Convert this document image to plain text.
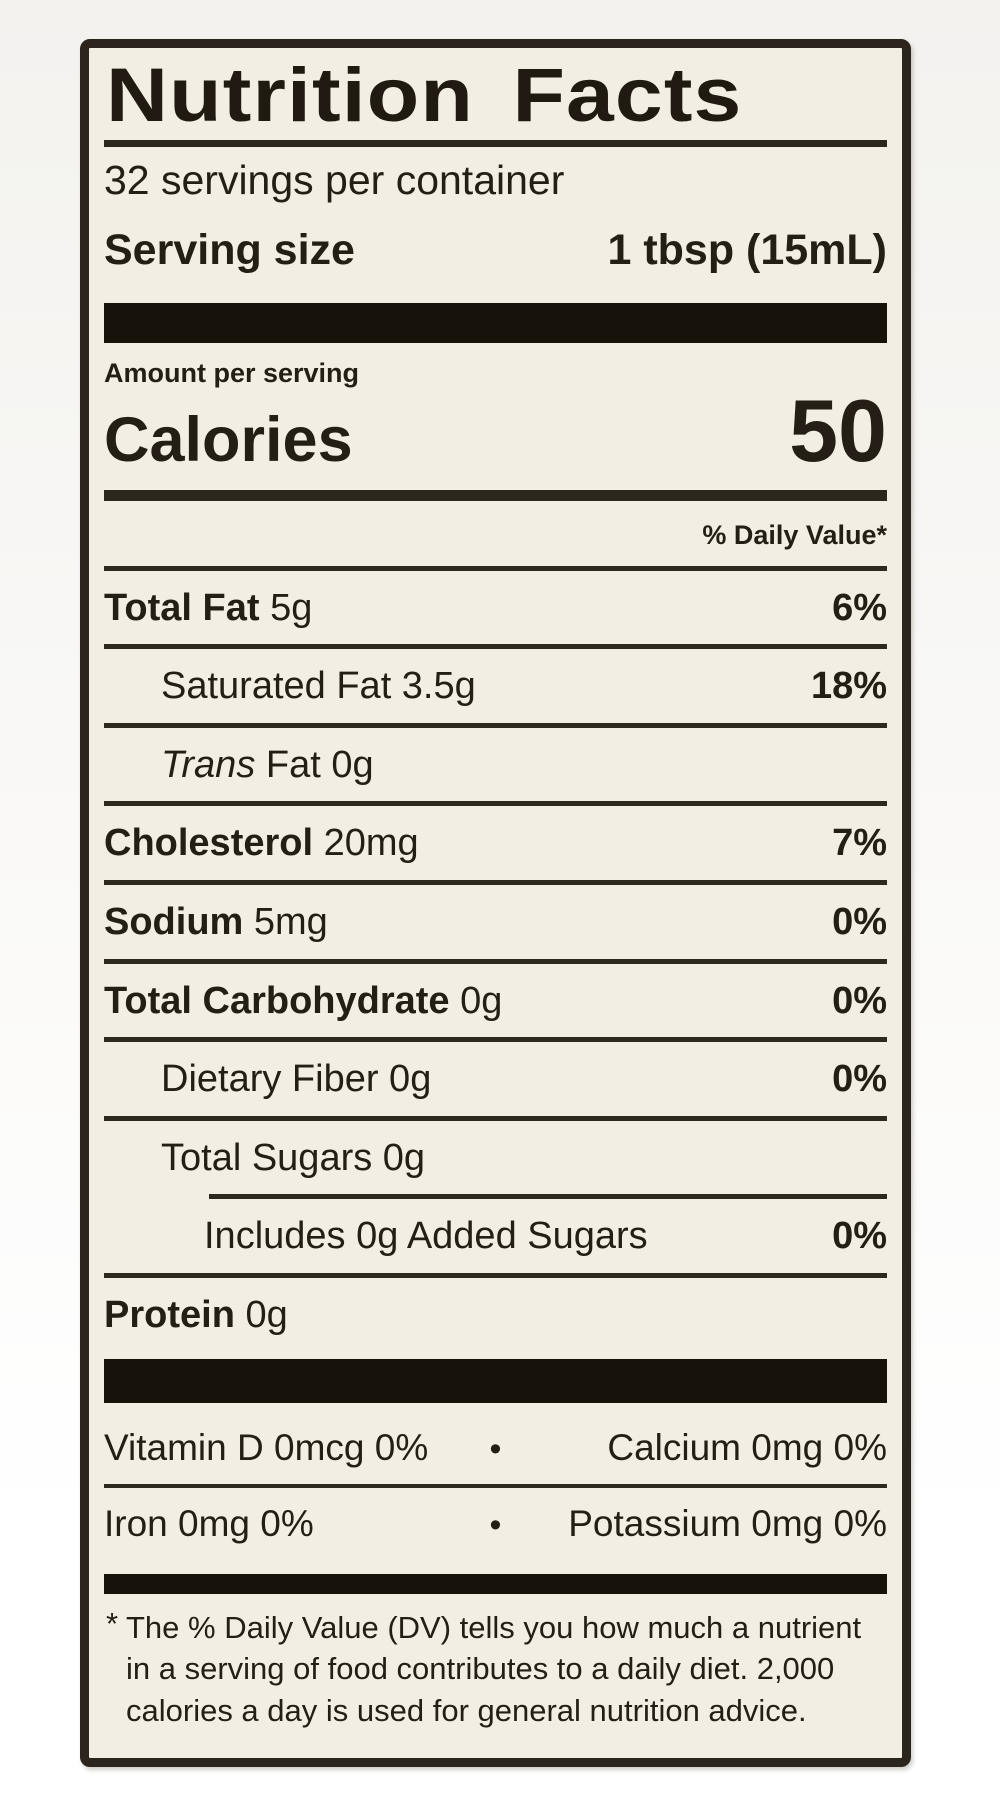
Nutrition Facts
32 servings per container
Serving size	1 tbsp (15mL)
Amount per serving
Calories	50
% Daily Value*
Total Fat 5g	6%
Saturated Fat 3.5g	18%
Trans Fat 0g
Cholesterol 20mg	7%
Sodium 5mg	0%
Total Carbohydrate 0g	0%
Dietary Fiber 0g	0%
Total Sugars 0g
Includes 0g Added Sugars	0%
Protein 0g
Vitamin D 0mcg 0%	•	Calcium 0mg 0%
Iron 0mg 0%	•	Potassium 0mg 0%
* The % Daily Value (DV) tells you how much a nutrient
in a serving of food contributes to a daily diet. 2,000
calories a day is used for general nutrition advice.
